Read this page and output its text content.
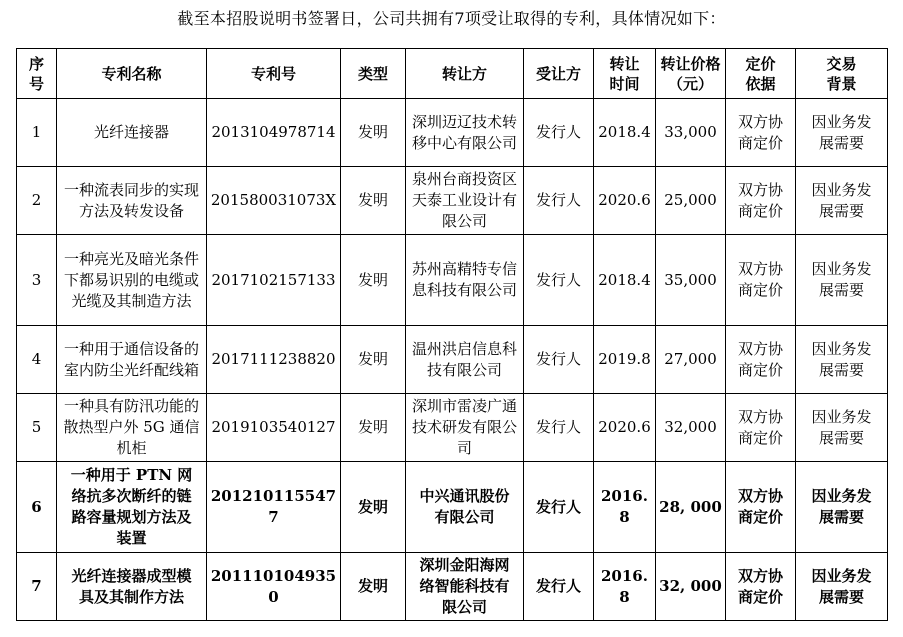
截至本招股说明书签署日，公司共拥有7项受让取得的专利，具体情况如下：
序号	专利名称	专利号	类型	转让方	受让方	转让时间	转让价格（元）	定价依据	交易背景
1	光纤连接器	2013104978714	发明	深圳迈辽技术转移中心有限公司	发行人	2018.4	33,000	双方协商定价	因业务发展需要
2	一种流表同步的实现方法及转发设备	201580031073X	发明	泉州台商投资区天泰工业设计有限公司	发行人	2020.6	25,000	双方协商定价	因业务发展需要
3	一种亮光及暗光条件下都易识别的电缆或光缆及其制造方法	2017102157133	发明	苏州高精特专信息科技有限公司	发行人	2018.4	35,000	双方协商定价	因业务发展需要
4	一种用于通信设备的室内防尘光纤配线箱	2017111238820	发明	温州洪启信息科技有限公司	发行人	2019.8	27,000	双方协商定价	因业务发展需要
5	一种具有防汛功能的散热型户外 5G 通信机柜	2019103540127	发明	深圳市雷凌广通技术研发有限公司	发行人	2020.6	32,000	双方协商定价	因业务发展需要
6	一种用于 PTN 网络抗多次断纤的链路容量规划方法及装置	2012101155477	发明	中兴通讯股份有限公司	发行人	2016. 8	28, 000	双方协商定价	因业务发展需要
7	光纤连接器成型模具及其制作方法	2011101049350	发明	深圳金阳海网络智能科技有限公司	发行人	2016. 8	32, 000	双方协商定价	因业务发展需要
